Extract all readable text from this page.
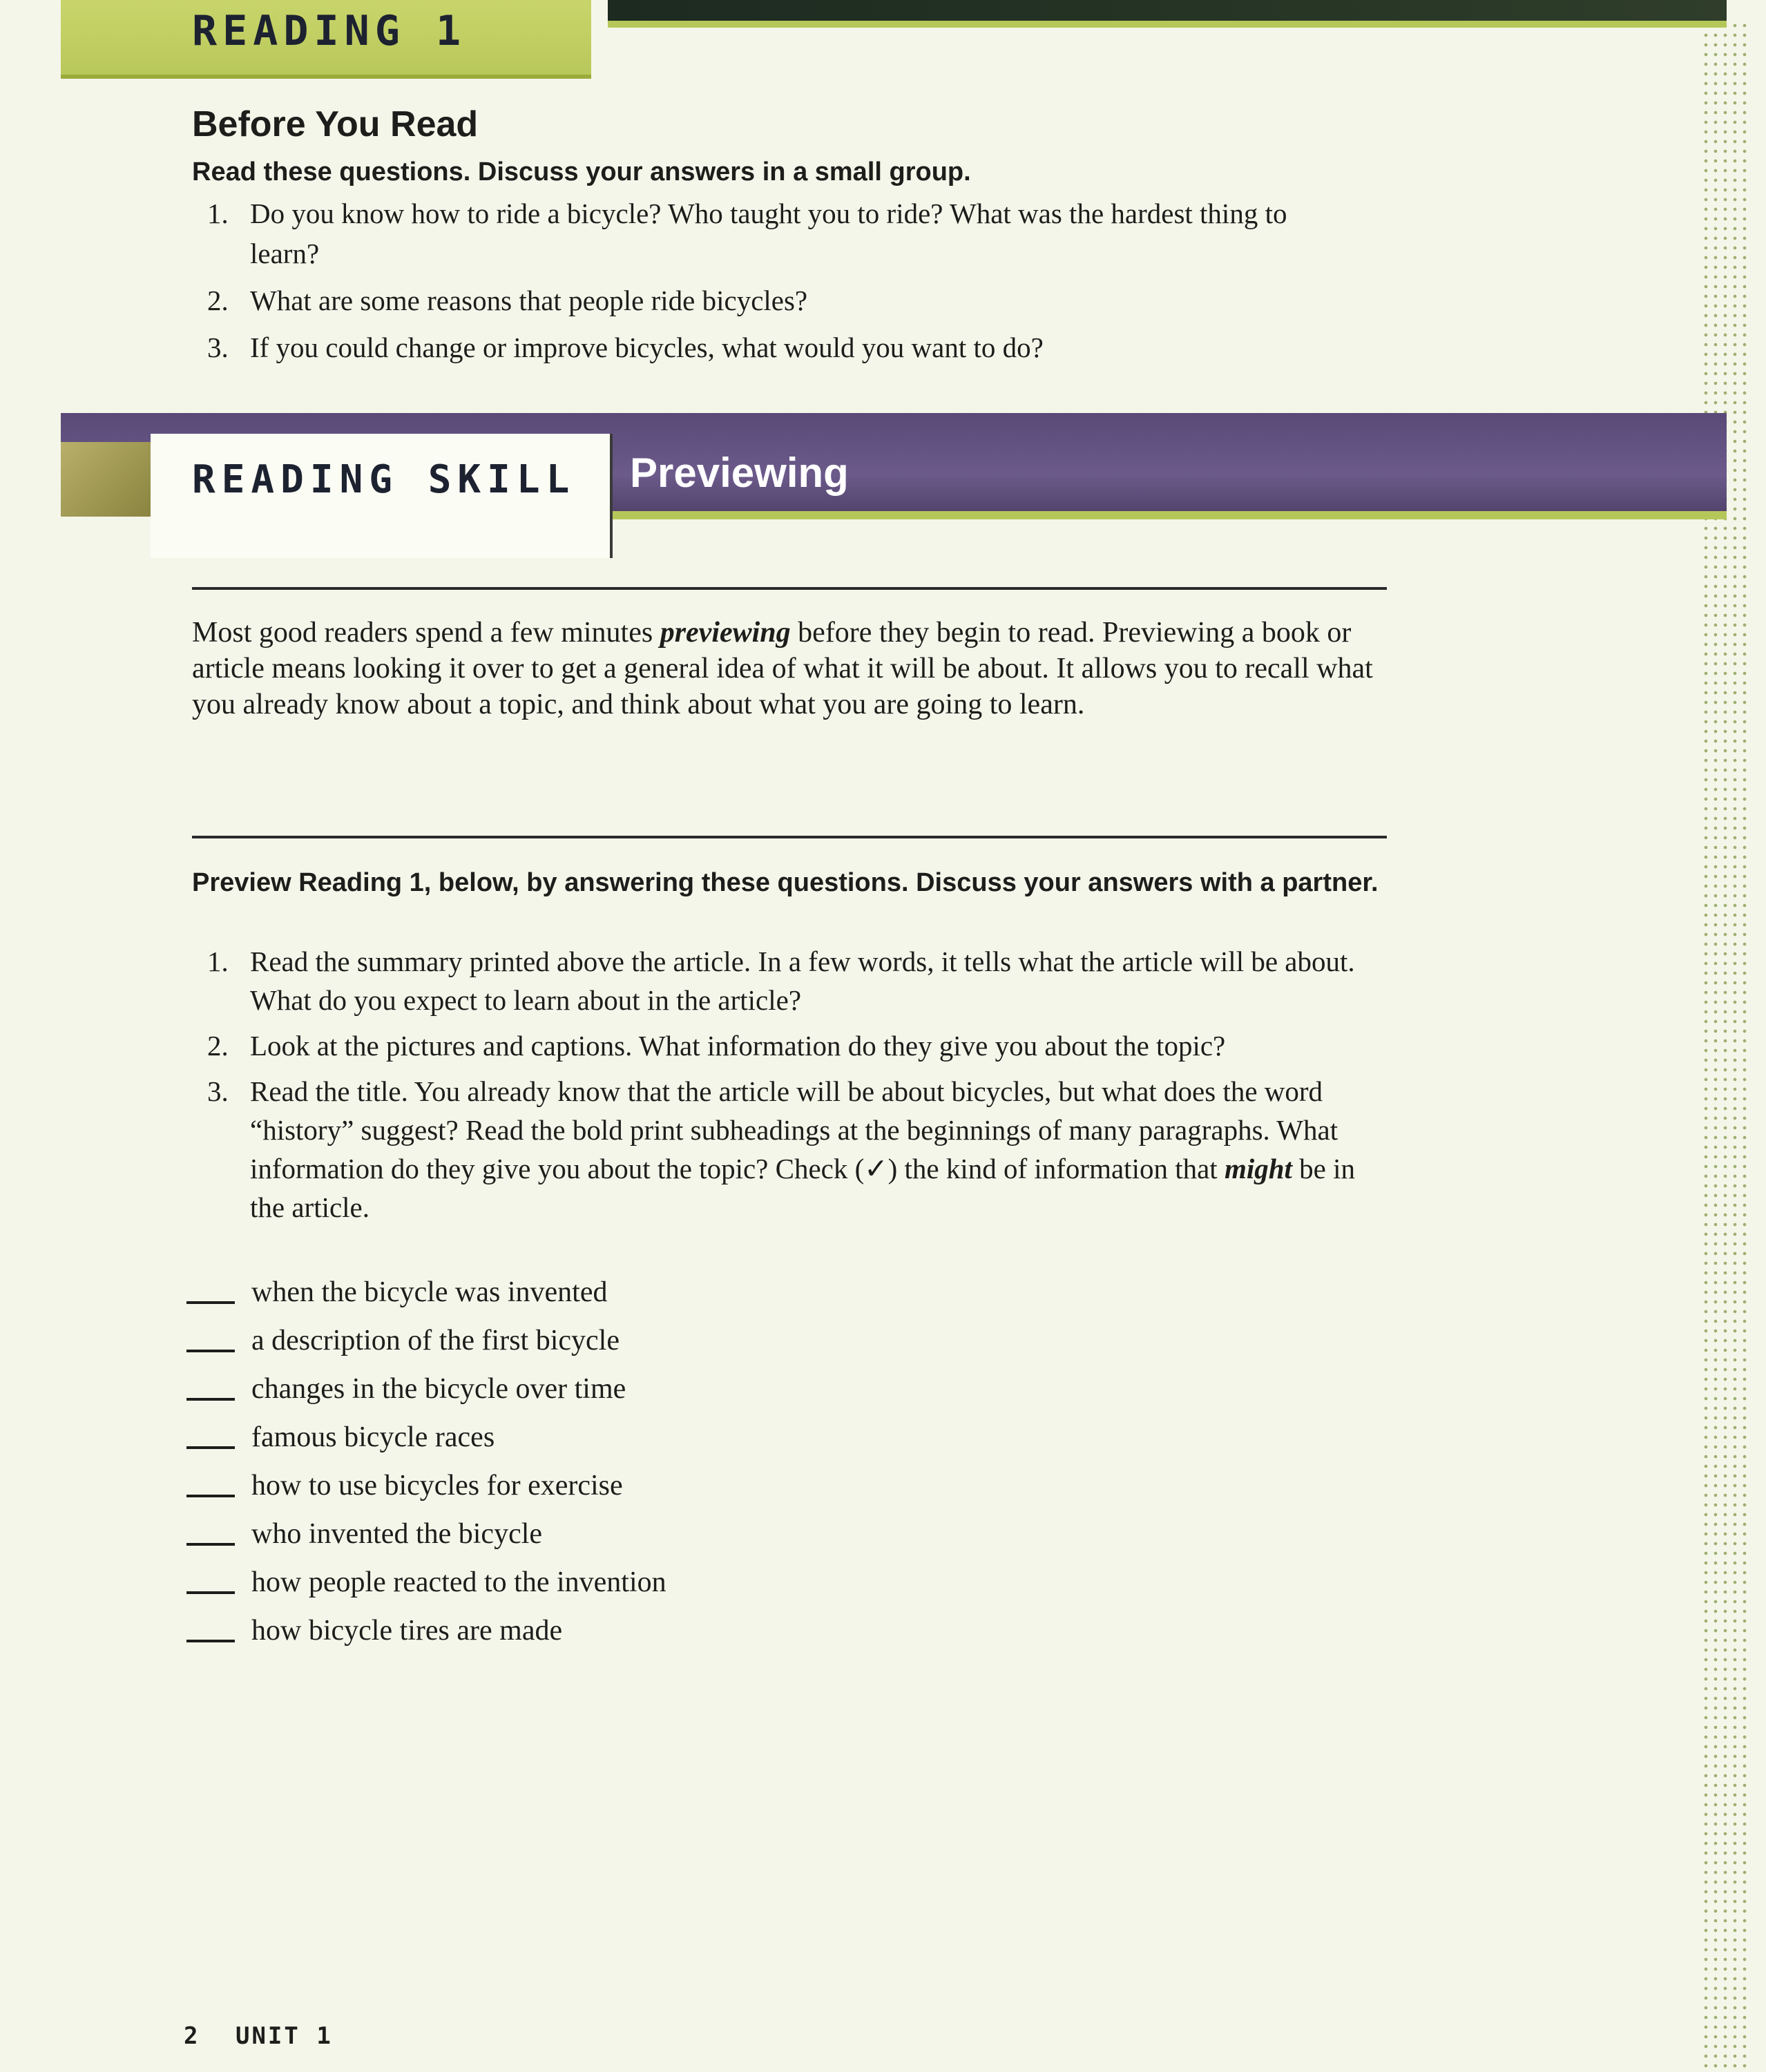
READING 1
Before You Read
Read these questions. Discuss your answers in a small group.
1. Do you know how to ride a bicycle? Who taught you to ride? What was the hardest thing to learn?
2. What are some reasons that people ride bicycles?
3. If you could change or improve bicycles, what would you want to do?
READING SKILL Previewing

Most good readers spend a few minutes previewing before they begin to read. Previewing a book or article means looking it over to get a general idea of what it will be about. It allows you to recall what you already know about a topic, and think about what you are going to learn.

Preview Reading 1, below, by answering these questions. Discuss your answers with a partner.
1. Read the summary printed above the article. In a few words, it tells what the article will be about. What do you expect to learn about in the article?
2. Look at the pictures and captions. What information do they give you about the topic?
3. Read the title. You already know that the article will be about bicycles, but what does the word “history” suggest? Read the bold print subheadings at the beginnings of many paragraphs. What information do they give you about the topic? Check (✓) the kind of information that might be in the article.
when the bicycle was invented
a description of the first bicycle
changes in the bicycle over time
famous bicycle races
how to use bicycles for exercise
who invented the bicycle
how people reacted to the invention
how bicycle tires are made
2 UNIT 1
